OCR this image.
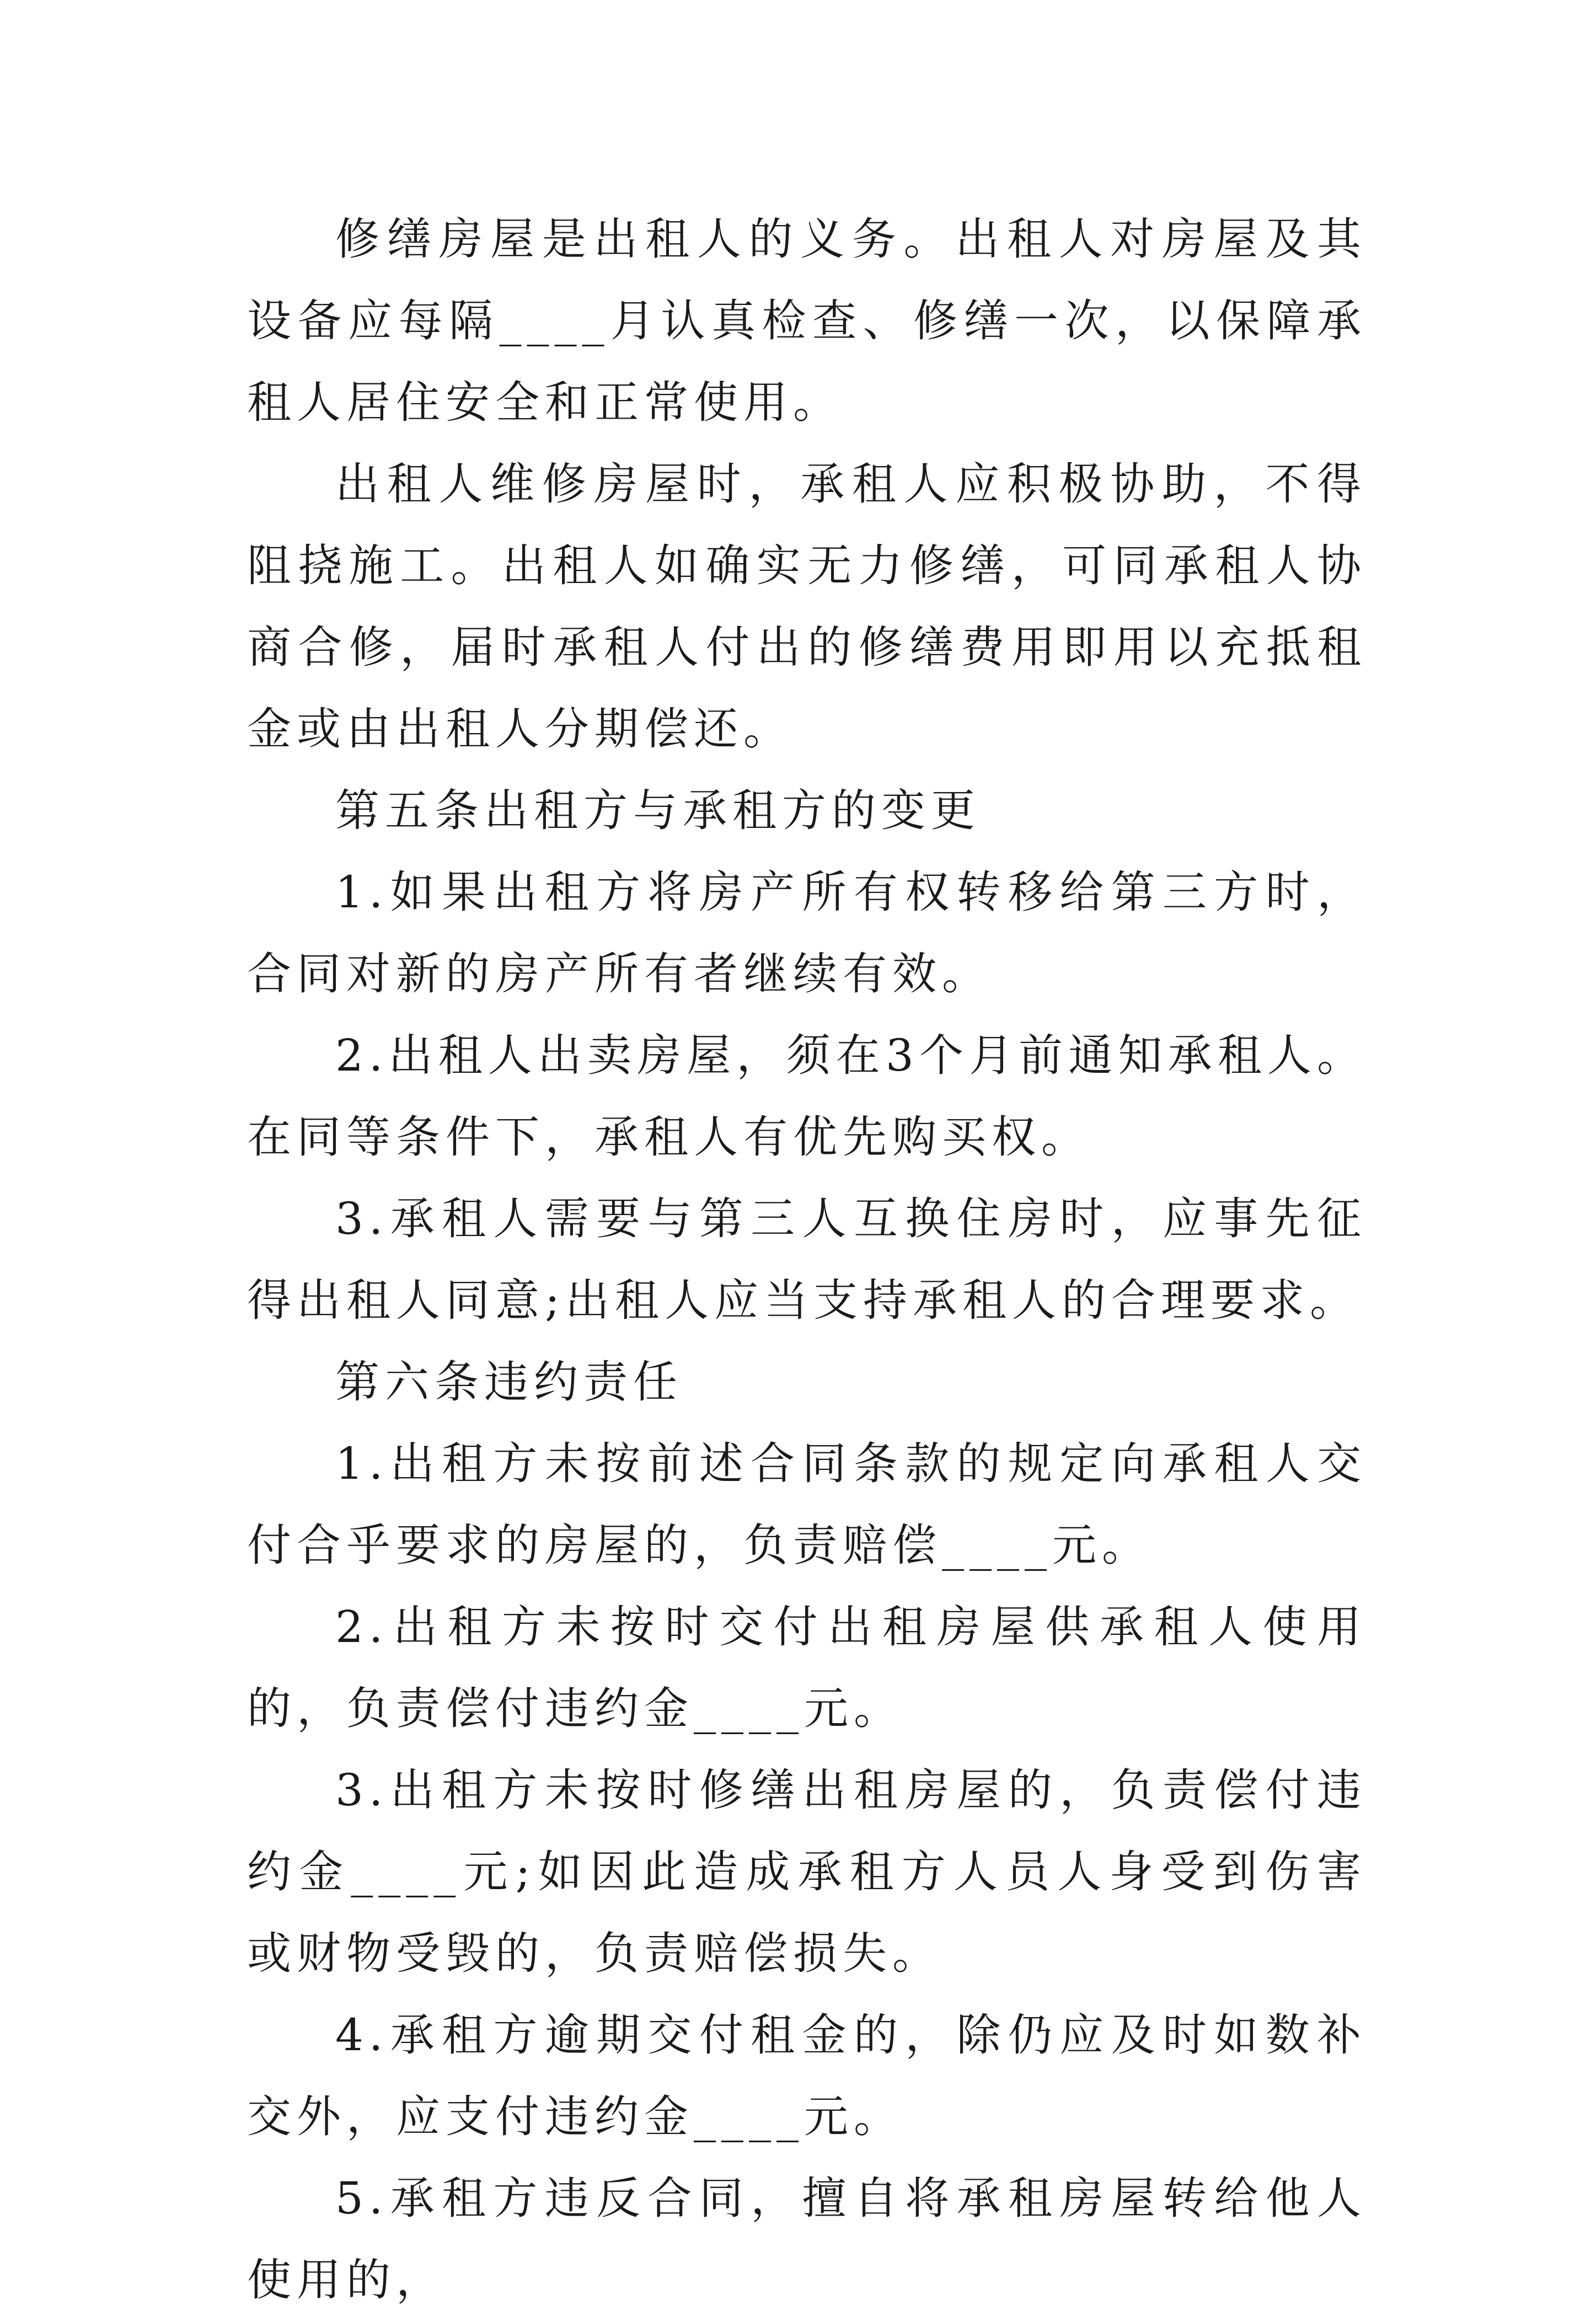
修缮房屋是出租人的义务。出租人对房屋及其设备应每隔____月认真检查、修缮一次，以保障承租人居住安全和正常使用。

出租人维修房屋时，承租人应积极协助，不得阻挠施工。出租人如确实无力修缮，可同承租人协商合修，届时承租人付出的修缮费用即用以充抵租金或由出租人分期偿还。

第五条出租方与承租方的变更

1.如果出租方将房产所有权转移给第三方时，合同对新的房产所有者继续有效。

2.出租人出卖房屋，须在3个月前通知承租人。在同等条件下，承租人有优先购买权。

3.承租人需要与第三人互换住房时，应事先征得出租人同意;出租人应当支持承租人的合理要求。

第六条违约责任

1.出租方未按前述合同条款的规定向承租人交付合乎要求的房屋的，负责赔偿____元。

2.出租方未按时交付出租房屋供承租人使用的，负责偿付违约金____元。

3.出租方未按时修缮出租房屋的，负责偿付违约金____元;如因此造成承租方人员人身受到伤害或财物受毁的，负责赔偿损失。

4.承租方逾期交付租金的，除仍应及时如数补交外，应支付违约金____元。

5.承租方违反合同，擅自将承租房屋转给他人使用的，
